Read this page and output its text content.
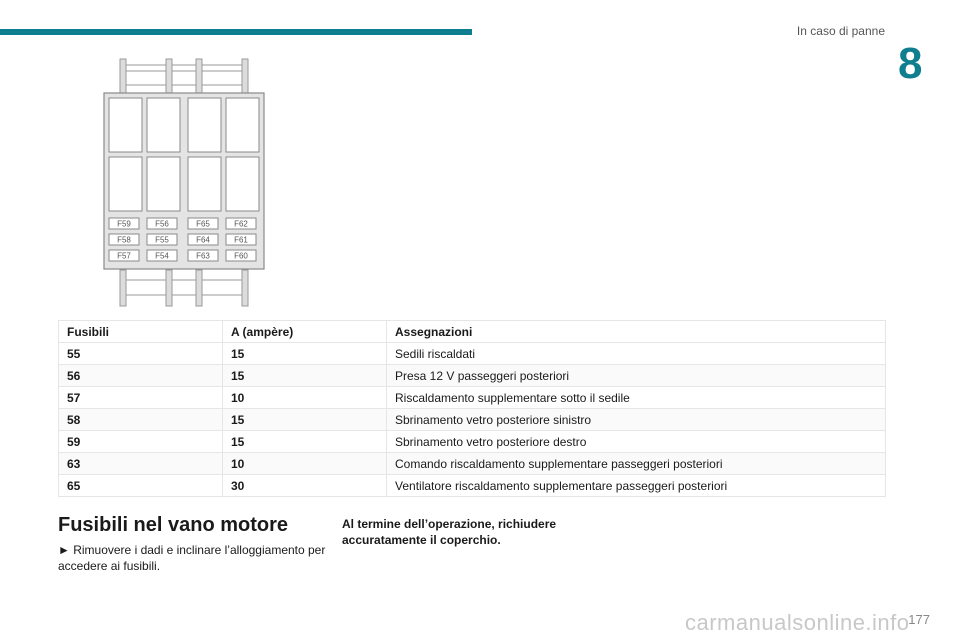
In caso di panne
8
F59	F56	F65	F62
F58	F55	F64	F61
F57	F54	F63	F60
Fusibili	A (ampère)	Assegnazioni
55	15	Sedili riscaldati
56	15	Presa 12 V passeggeri posteriori
57	10	Riscaldamento supplementare sotto il sedile
58	15	Sbrinamento vetro posteriore sinistro
59	15	Sbrinamento vetro posteriore destro
63	10	Comando riscaldamento supplementare passeggeri posteriori
65	30	Ventilatore riscaldamento supplementare passeggeri posteriori
Fusibili nel vano motore
► Rimuovere i dadi e inclinare l’alloggiamento per accedere ai fusibili.
Al termine dell’operazione, richiudere accuratamente il coperchio.
carmanualsonline.info
177
